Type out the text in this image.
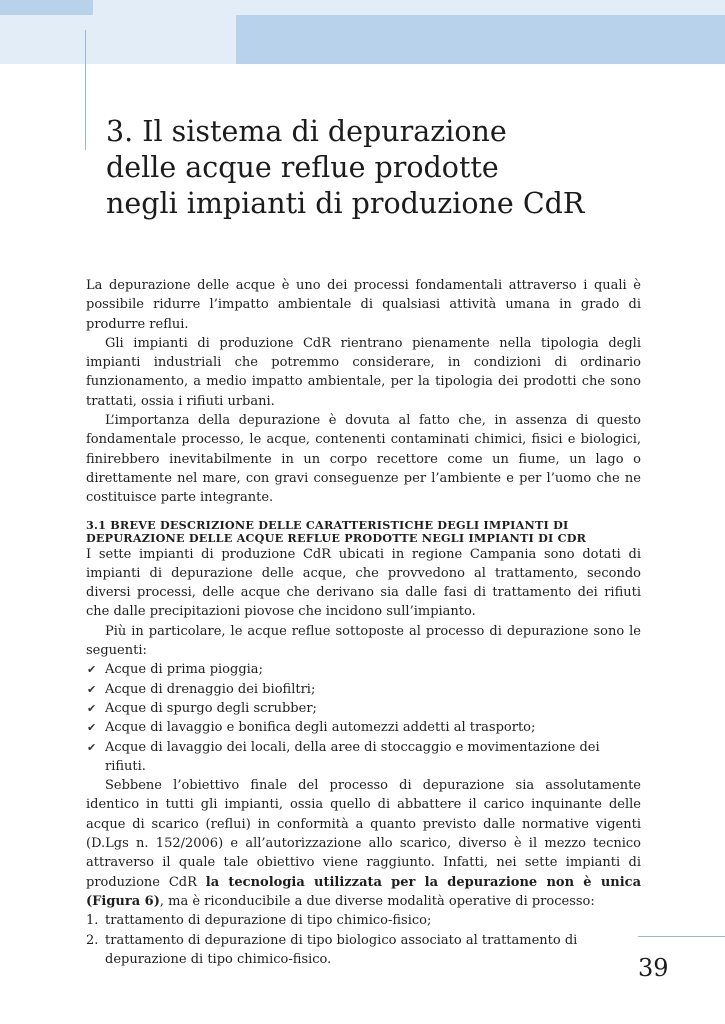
3. Il sistema di depurazione
delle acque reflue prodotte
negli impianti di produzione CdR

La depurazione delle acque è uno dei processi fondamentali attraverso i quali è possibile ridurre l’impatto ambientale di qualsiasi attività umana in grado di produrre reflui.

Gli impianti di produzione CdR rientrano pienamente nella tipologia degli impianti industriali che potremmo considerare, in condizioni di ordinario funzionamento, a medio impatto ambientale, per la tipologia dei prodotti che sono trattati, ossia i rifiuti urbani.

L’importanza della depurazione è dovuta al fatto che, in assenza di questo fondamentale processo, le acque, contenenti contaminati chimici, fisici e biologici, finirebbero inevitabilmente in un corpo recettore come un fiume, un lago o direttamente nel mare, con gravi conseguenze per l’ambiente e per l’uomo che ne costituisce parte integrante.

3.1 BREVE DESCRIZIONE DELLE CARATTERISTICHE DEGLI IMPIANTI DI
DEPURAZIONE DELLE ACQUE REFLUE PRODOTTE NEGLI IMPIANTI DI CDR

I sette impianti di produzione CdR ubicati in regione Campania sono dotati di impianti di depurazione delle acque, che provvedono al trattamento, secondo diversi processi, delle acque che derivano sia dalle fasi di trattamento dei rifiuti che dalle precipitazioni piovose che incidono sull’impianto.

Più in particolare, le acque reflue sottoposte al processo di depurazione sono le seguenti:

✔ Acque di prima pioggia;
✔ Acque di drenaggio dei biofiltri;
✔ Acque di spurgo degli scrubber;
✔ Acque di lavaggio e bonifica degli automezzi addetti al trasporto;
✔ Acque di lavaggio dei locali, della aree di stoccaggio e movimentazione dei rifiuti.

Sebbene l’obiettivo finale del processo di depurazione sia assolutamente identico in tutti gli impianti, ossia quello di abbattere il carico inquinante delle acque di scarico (reflui) in conformità a quanto previsto dalle normative vigenti (D.Lgs n. 152/2006) e all’autorizzazione allo scarico, diverso è il mezzo tecnico attraverso il quale tale obiettivo viene raggiunto. Infatti, nei sette impianti di produzione CdR la tecnologia utilizzata per la depurazione non è unica (Figura 6), ma è riconducibile a due diverse modalità operative di processo:

1. trattamento di depurazione di tipo chimico-fisico;
2. trattamento di depurazione di tipo biologico associato al trattamento di depurazione di tipo chimico-fisico.	39
